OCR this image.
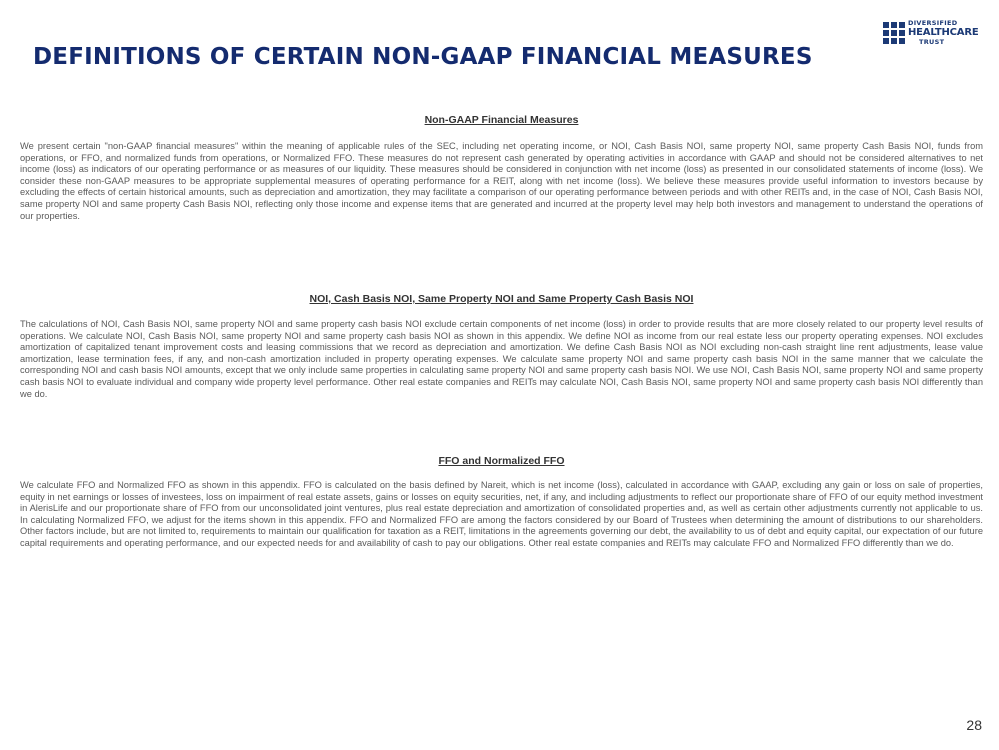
DEFINITIONS OF CERTAIN NON-GAAP FINANCIAL MEASURES
DIVERSIFIED
HEALTHCARE
TRUST

Non-GAAP Financial Measures

We present certain "non-GAAP financial measures" within the meaning of applicable rules of the SEC, including net operating income, or NOI, Cash Basis NOI, same property NOI, same property Cash Basis NOI, funds from operations, or FFO, and normalized funds from operations, or Normalized FFO. These measures do not represent cash generated by operating activities in accordance with GAAP and should not be considered alternatives to net income (loss) as indicators of our operating performance or as measures of our liquidity. These measures should be considered in conjunction with net income (loss) as presented in our consolidated statements of income (loss). We consider these non-GAAP measures to be appropriate supplemental measures of operating performance for a REIT, along with net income (loss). We believe these measures provide useful information to investors because by excluding the effects of certain historical amounts, such as depreciation and amortization, they may facilitate a comparison of our operating performance between periods and with other REITs and, in the case of NOI, Cash Basis NOI, same property NOI and same property Cash Basis NOI, reflecting only those income and expense items that are generated and incurred at the property level may help both investors and management to understand the operations of our properties.

NOI, Cash Basis NOI, Same Property NOI and Same Property Cash Basis NOI

The calculations of NOI, Cash Basis NOI, same property NOI and same property cash basis NOI exclude certain components of net income (loss) in order to provide results that are more closely related to our property level results of operations. We calculate NOI, Cash Basis NOI, same property NOI and same property cash basis NOI as shown in this appendix. We define NOI as income from our real estate less our property operating expenses. NOI excludes amortization of capitalized tenant improvement costs and leasing commissions that we record as depreciation and amortization. We define Cash Basis NOI as NOI excluding non-cash straight line rent adjustments, lease value amortization, lease termination fees, if any, and non-cash amortization included in property operating expenses. We calculate same property NOI and same property cash basis NOI in the same manner that we calculate the corresponding NOI and cash basis NOI amounts, except that we only include same properties in calculating same property NOI and same property cash basis NOI. We use NOI, Cash Basis NOI, same property NOI and same property cash basis NOI to evaluate individual and company wide property level performance. Other real estate companies and REITs may calculate NOI, Cash Basis NOI, same property NOI and same property cash basis NOI differently than we do.

FFO and Normalized FFO

We calculate FFO and Normalized FFO as shown in this appendix. FFO is calculated on the basis defined by Nareit, which is net income (loss), calculated in accordance with GAAP, excluding any gain or loss on sale of properties, equity in net earnings or losses of investees, loss on impairment of real estate assets, gains or losses on equity securities, net, if any, and including adjustments to reflect our proportionate share of FFO of our equity method investment in AlerisLife and our proportionate share of FFO from our unconsolidated joint ventures, plus real estate depreciation and amortization of consolidated properties and, as well as certain other adjustments currently not applicable to us. In calculating Normalized FFO, we adjust for the items shown in this appendix. FFO and Normalized FFO are among the factors considered by our Board of Trustees when determining the amount of distributions to our shareholders. Other factors include, but are not limited to, requirements to maintain our qualification for taxation as a REIT, limitations in the agreements governing our debt, the availability to us of debt and equity capital, our expectation of our future capital requirements and operating performance, and our expected needs for and availability of cash to pay our obligations. Other real estate companies and REITs may calculate FFO and Normalized FFO differently than we do.

28
